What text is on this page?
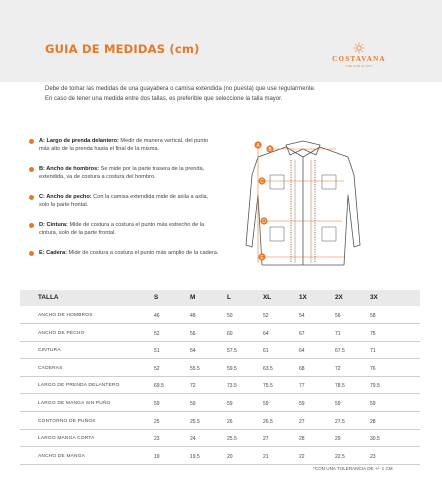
GUIA DE MEDIDAS (cm)
COSTAVANA
THE SUN IS OUT
Debe de tomar las medidas de una guayabera o camisa extendida (no puesta) que use regularmente.
En caso de tener una medida entre dos tallas, es preferible que seleccione la talla mayor.
A: Largo de prenda delantero: Medir de manera vertical, del punto más alto de la prenda hasta el final de la misma.
B: Ancho de hombros: Se mide por la parte trasera de la prenda, extendida, va de costura a costura del hombro.
C: Ancho de pecho: Con la camisa extendida mide de axila a axila, solo la parte frontal.
D: Cintura: Mide de costura a costura el punto más estrecho de la cintura, solo de la parte frontal.
E: Cadera: Mide de costura a costura el punto más amplio de la cadera.
A
B
C
D
E
TALLA	S	M	L	XL	1X	2X	3X
ANCHO DE HOMBROS	46	48	50	52	54	56	58
ANCHO DE PECHO	52	56	60	64	67	71	75
CINTURA	51	54	57.5	61	64	67.5	71
CADERAS	52	55.5	59.5	63.5	68	72	76
LARGO DE PRENDA DELANTERO	69.5	72	73.5	75.5	77	78.5	79.5
LARGO DE MANGA SIN PUÑO	59	59	59	59	59	59	59
CONTORNO DE PUÑOS	25	25.5	26	26.5	27	27.5	28
LARGO MANGA CORTA	23	24	25.5	27	28	29	30.5
ANCHO DE MANGA	19	19.5	20	21	22	22.5	23
*CON UNA TOLERANCIA DE +/- 1 CM
